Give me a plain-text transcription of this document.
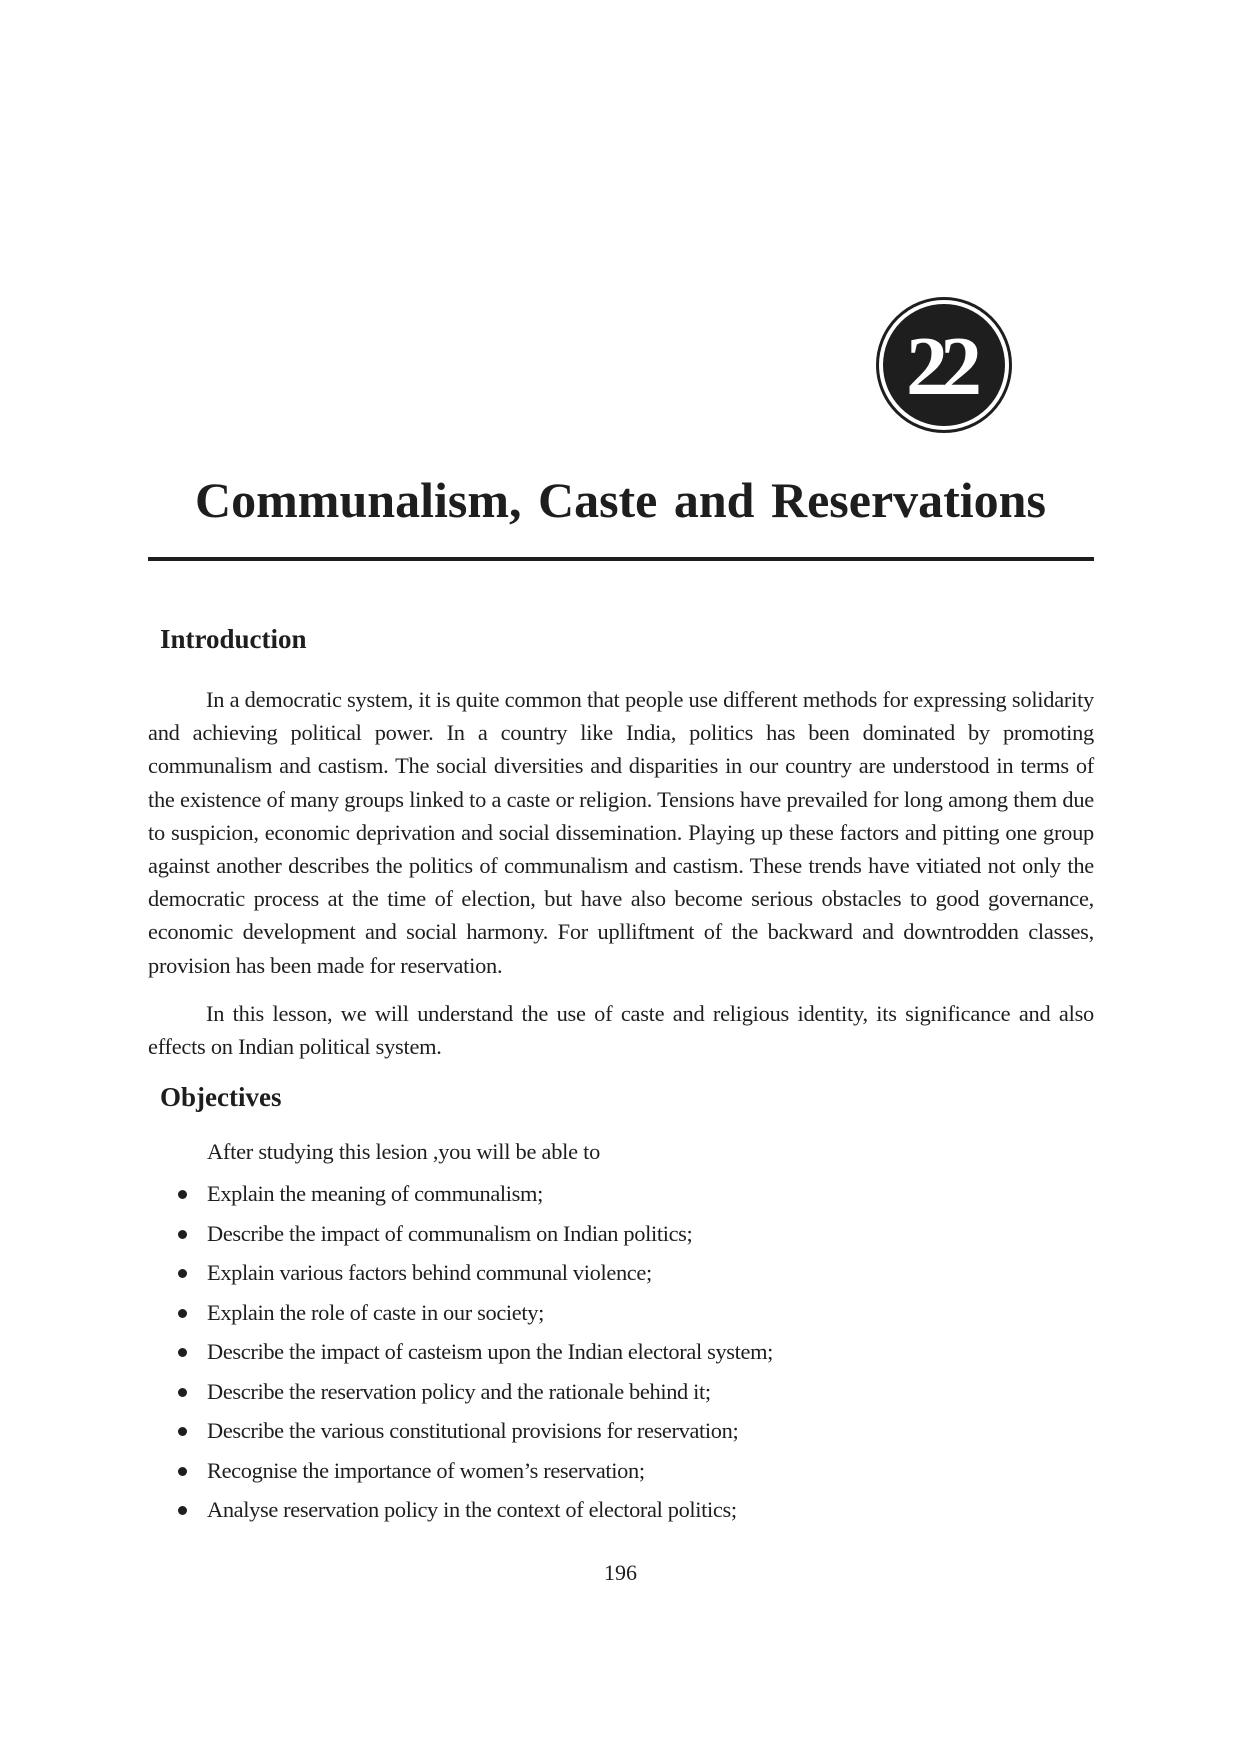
22
Communalism, Caste and Reservations
Introduction

In a democratic system, it is quite common that people use different methods for expressing solidarity and achieving political power. In a country like India, politics has been dominated by promoting communalism and castism. The social diversities and disparities in our country are understood in terms of the existence of many groups linked to a caste or religion. Tensions have prevailed for long among them due to suspicion, economic deprivation and social dissemination. Playing up these factors and pitting one group against another describes the politics of communalism and castism. These trends have vitiated not only the democratic process at the time of election, but have also become serious obstacles to good governance, economic development and social harmony. For uplliftment of the backward and downtrodden classes, provision has been made for reservation.

In this lesson, we will understand the use of caste and religious identity, its significance and also effects on Indian political system.

Objectives

After studying this lesion ,you will be able to

Explain the meaning of communalism;
Describe the impact of communalism on Indian politics;
Explain various factors behind communal violence;
Explain the role of caste in our society;
Describe the impact of casteism upon the Indian electoral system;
Describe the reservation policy and the rationale behind it;
Describe the various constitutional provisions for reservation;
Recognise the importance of women’s reservation;
Analyse reservation policy in the context of electoral politics;

196
